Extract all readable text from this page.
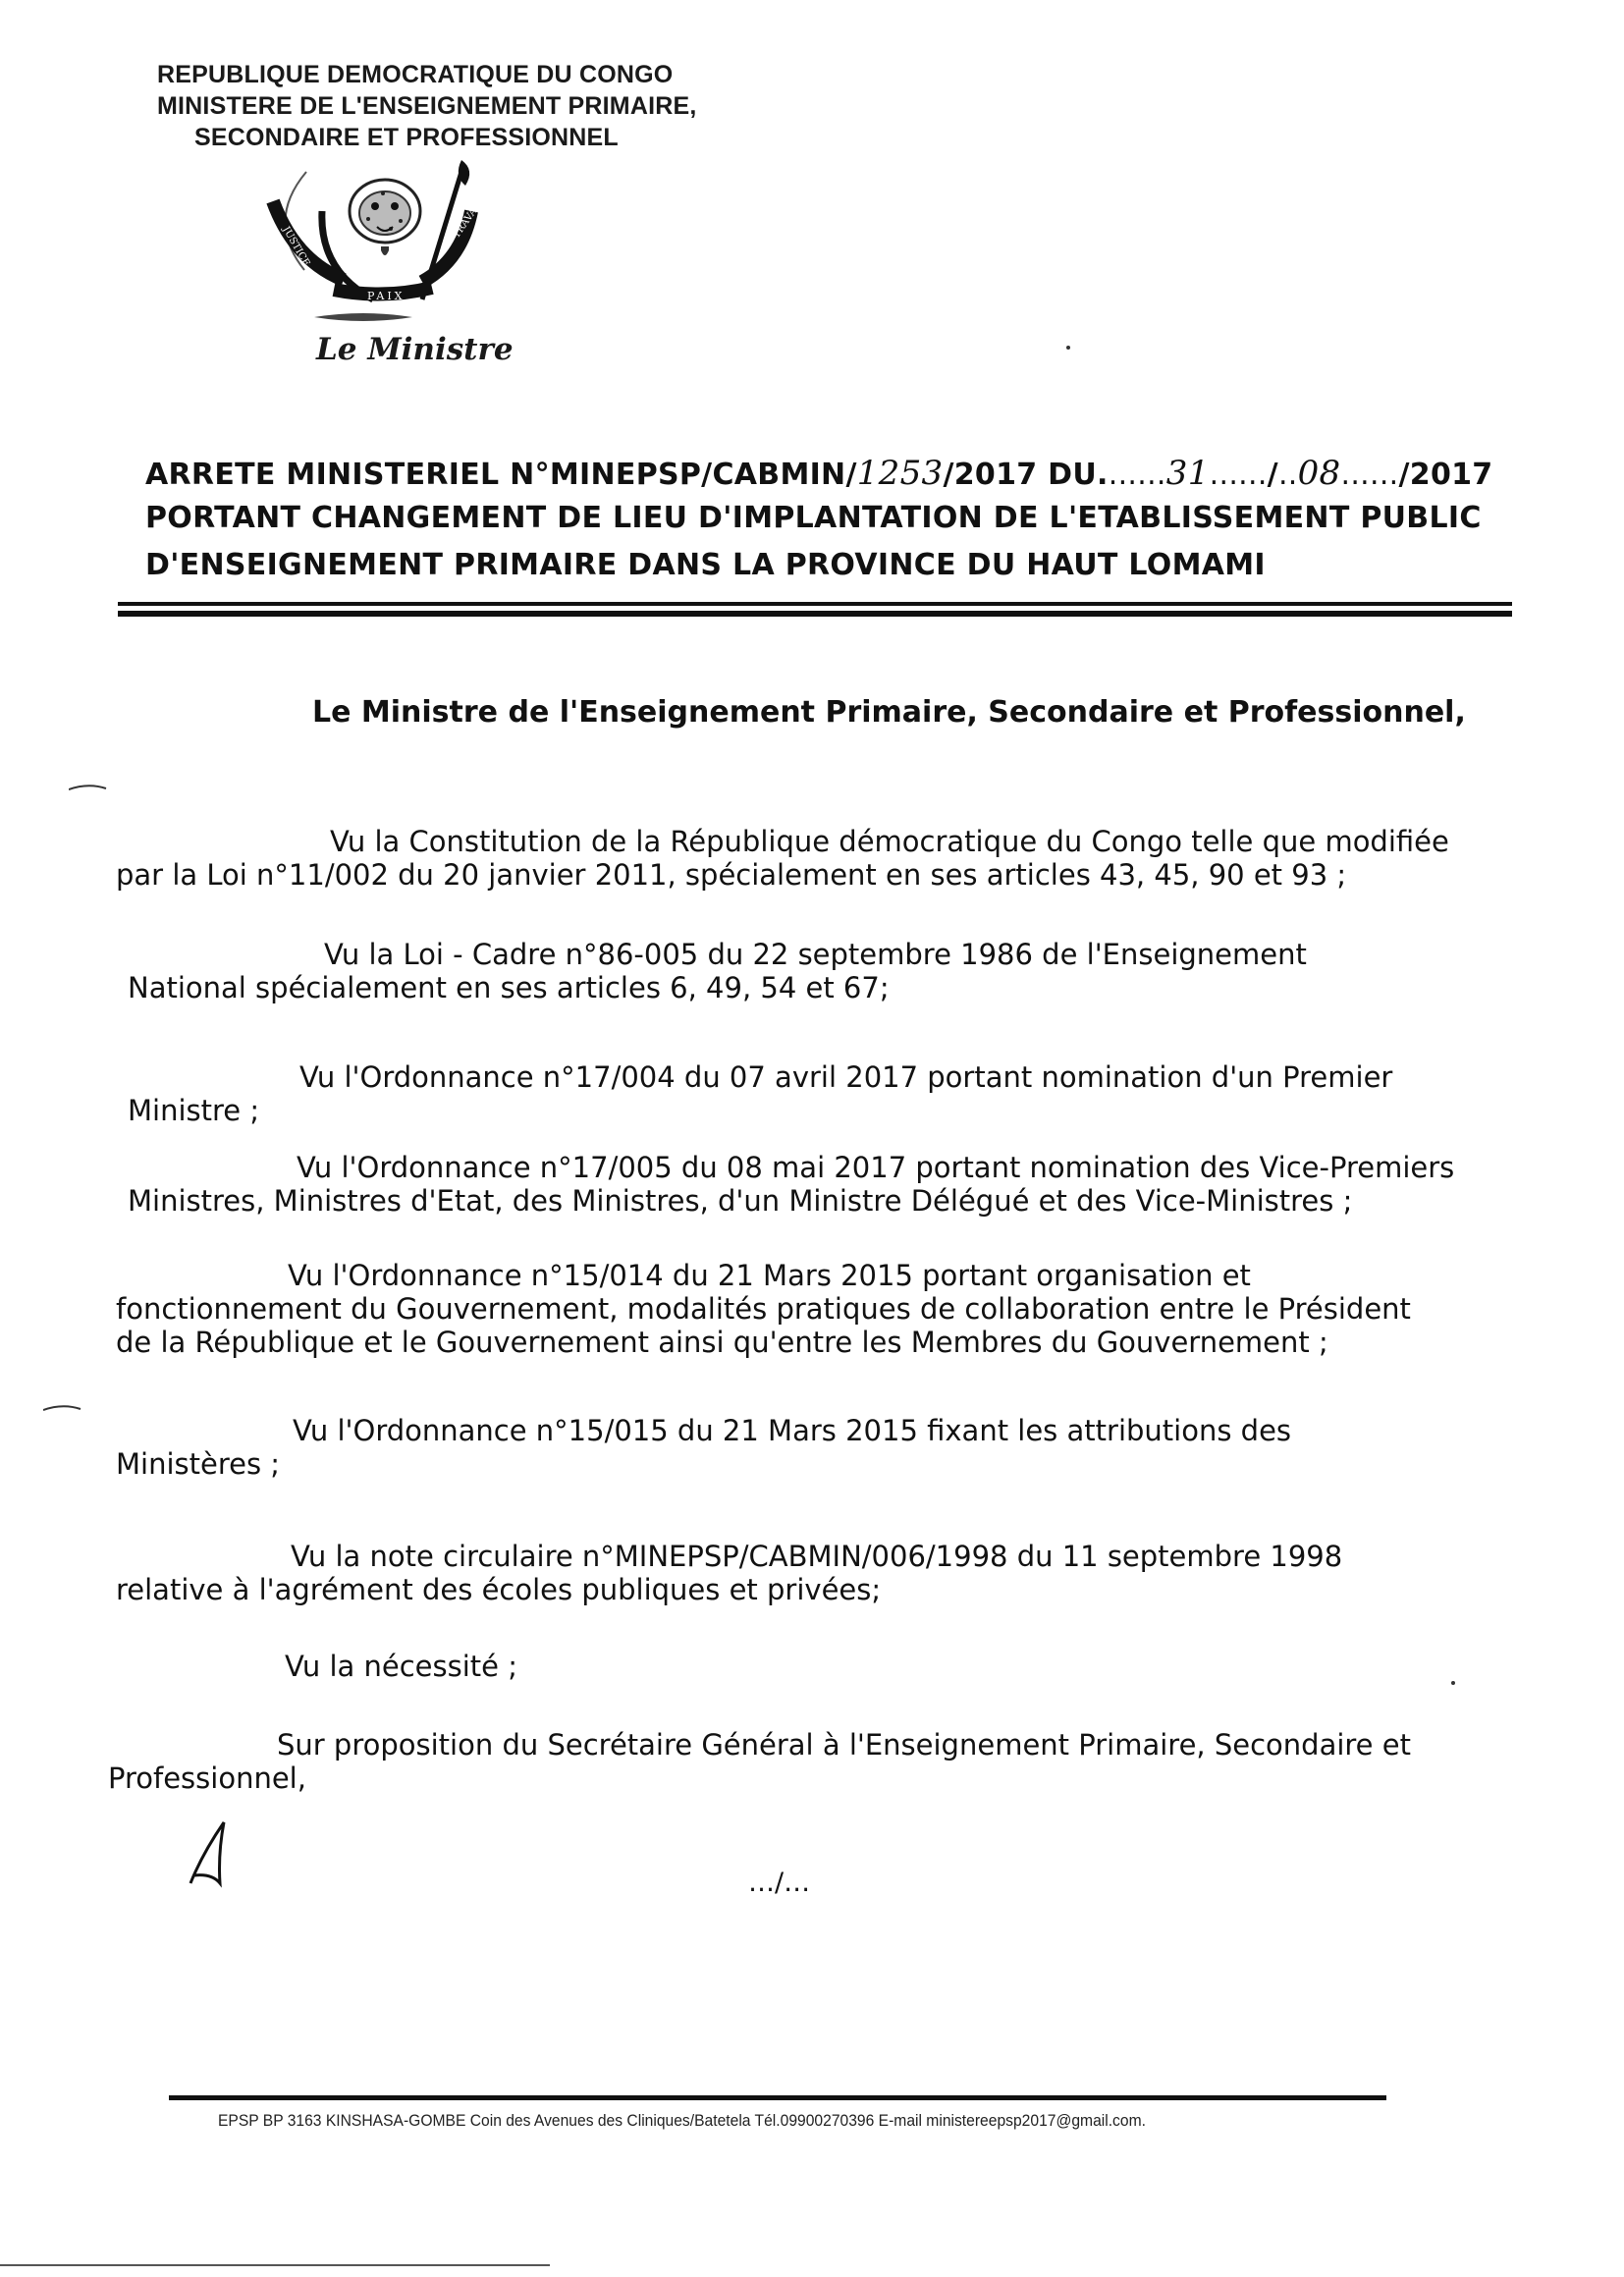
REPUBLIQUE DEMOCRATIQUE DU CONGO
MINISTERE DE L'ENSEIGNEMENT PRIMAIRE,
SECONDAIRE ET PROFESSIONNEL
JUSTICE
TRAVAIL
PAIX
Le Ministre
ARRETE MINISTERIEL N°MINEPSP/CABMIN/1253/2017 DU.......31....../..08....../2017
PORTANT CHANGEMENT DE LIEU D'IMPLANTATION DE L'ETABLISSEMENT PUBLIC
D'ENSEIGNEMENT PRIMAIRE DANS LA PROVINCE DU HAUT LOMAMI
Le Ministre de l'Enseignement Primaire, Secondaire et Professionnel,
Vu la Constitution de la République démocratique du Congo telle que modifiée
par la Loi n°11/002 du 20 janvier 2011, spécialement en ses articles 43, 45, 90 et 93 ;
Vu la Loi - Cadre n°86-005 du 22 septembre 1986 de l'Enseignement
National spécialement en ses articles 6, 49, 54 et 67;
Vu l'Ordonnance n°17/004 du 07 avril 2017 portant nomination d'un Premier
Ministre ;
Vu l'Ordonnance n°17/005 du 08 mai 2017 portant nomination des Vice-Premiers
Ministres, Ministres d'Etat, des Ministres, d'un Ministre Délégué et des Vice-Ministres ;
Vu l'Ordonnance n°15/014 du 21 Mars 2015 portant organisation et
fonctionnement du Gouvernement, modalités pratiques de collaboration entre le Président
de la République et le Gouvernement ainsi qu'entre les Membres du Gouvernement ;
Vu l'Ordonnance n°15/015 du 21 Mars 2015 fixant les attributions des
Ministères ;
Vu la note circulaire n°MINEPSP/CABMIN/006/1998 du 11 septembre 1998
relative à l'agrément des écoles publiques et privées;
Vu la nécessité ;
Sur proposition du Secrétaire Général à l'Enseignement Primaire, Secondaire et
Professionnel,
…/…
EPSP BP 3163 KINSHASA-GOMBE Coin des Avenues des Cliniques/Batetela Tél.09900270396 E-mail ministereepsp2017@gmail.com.
